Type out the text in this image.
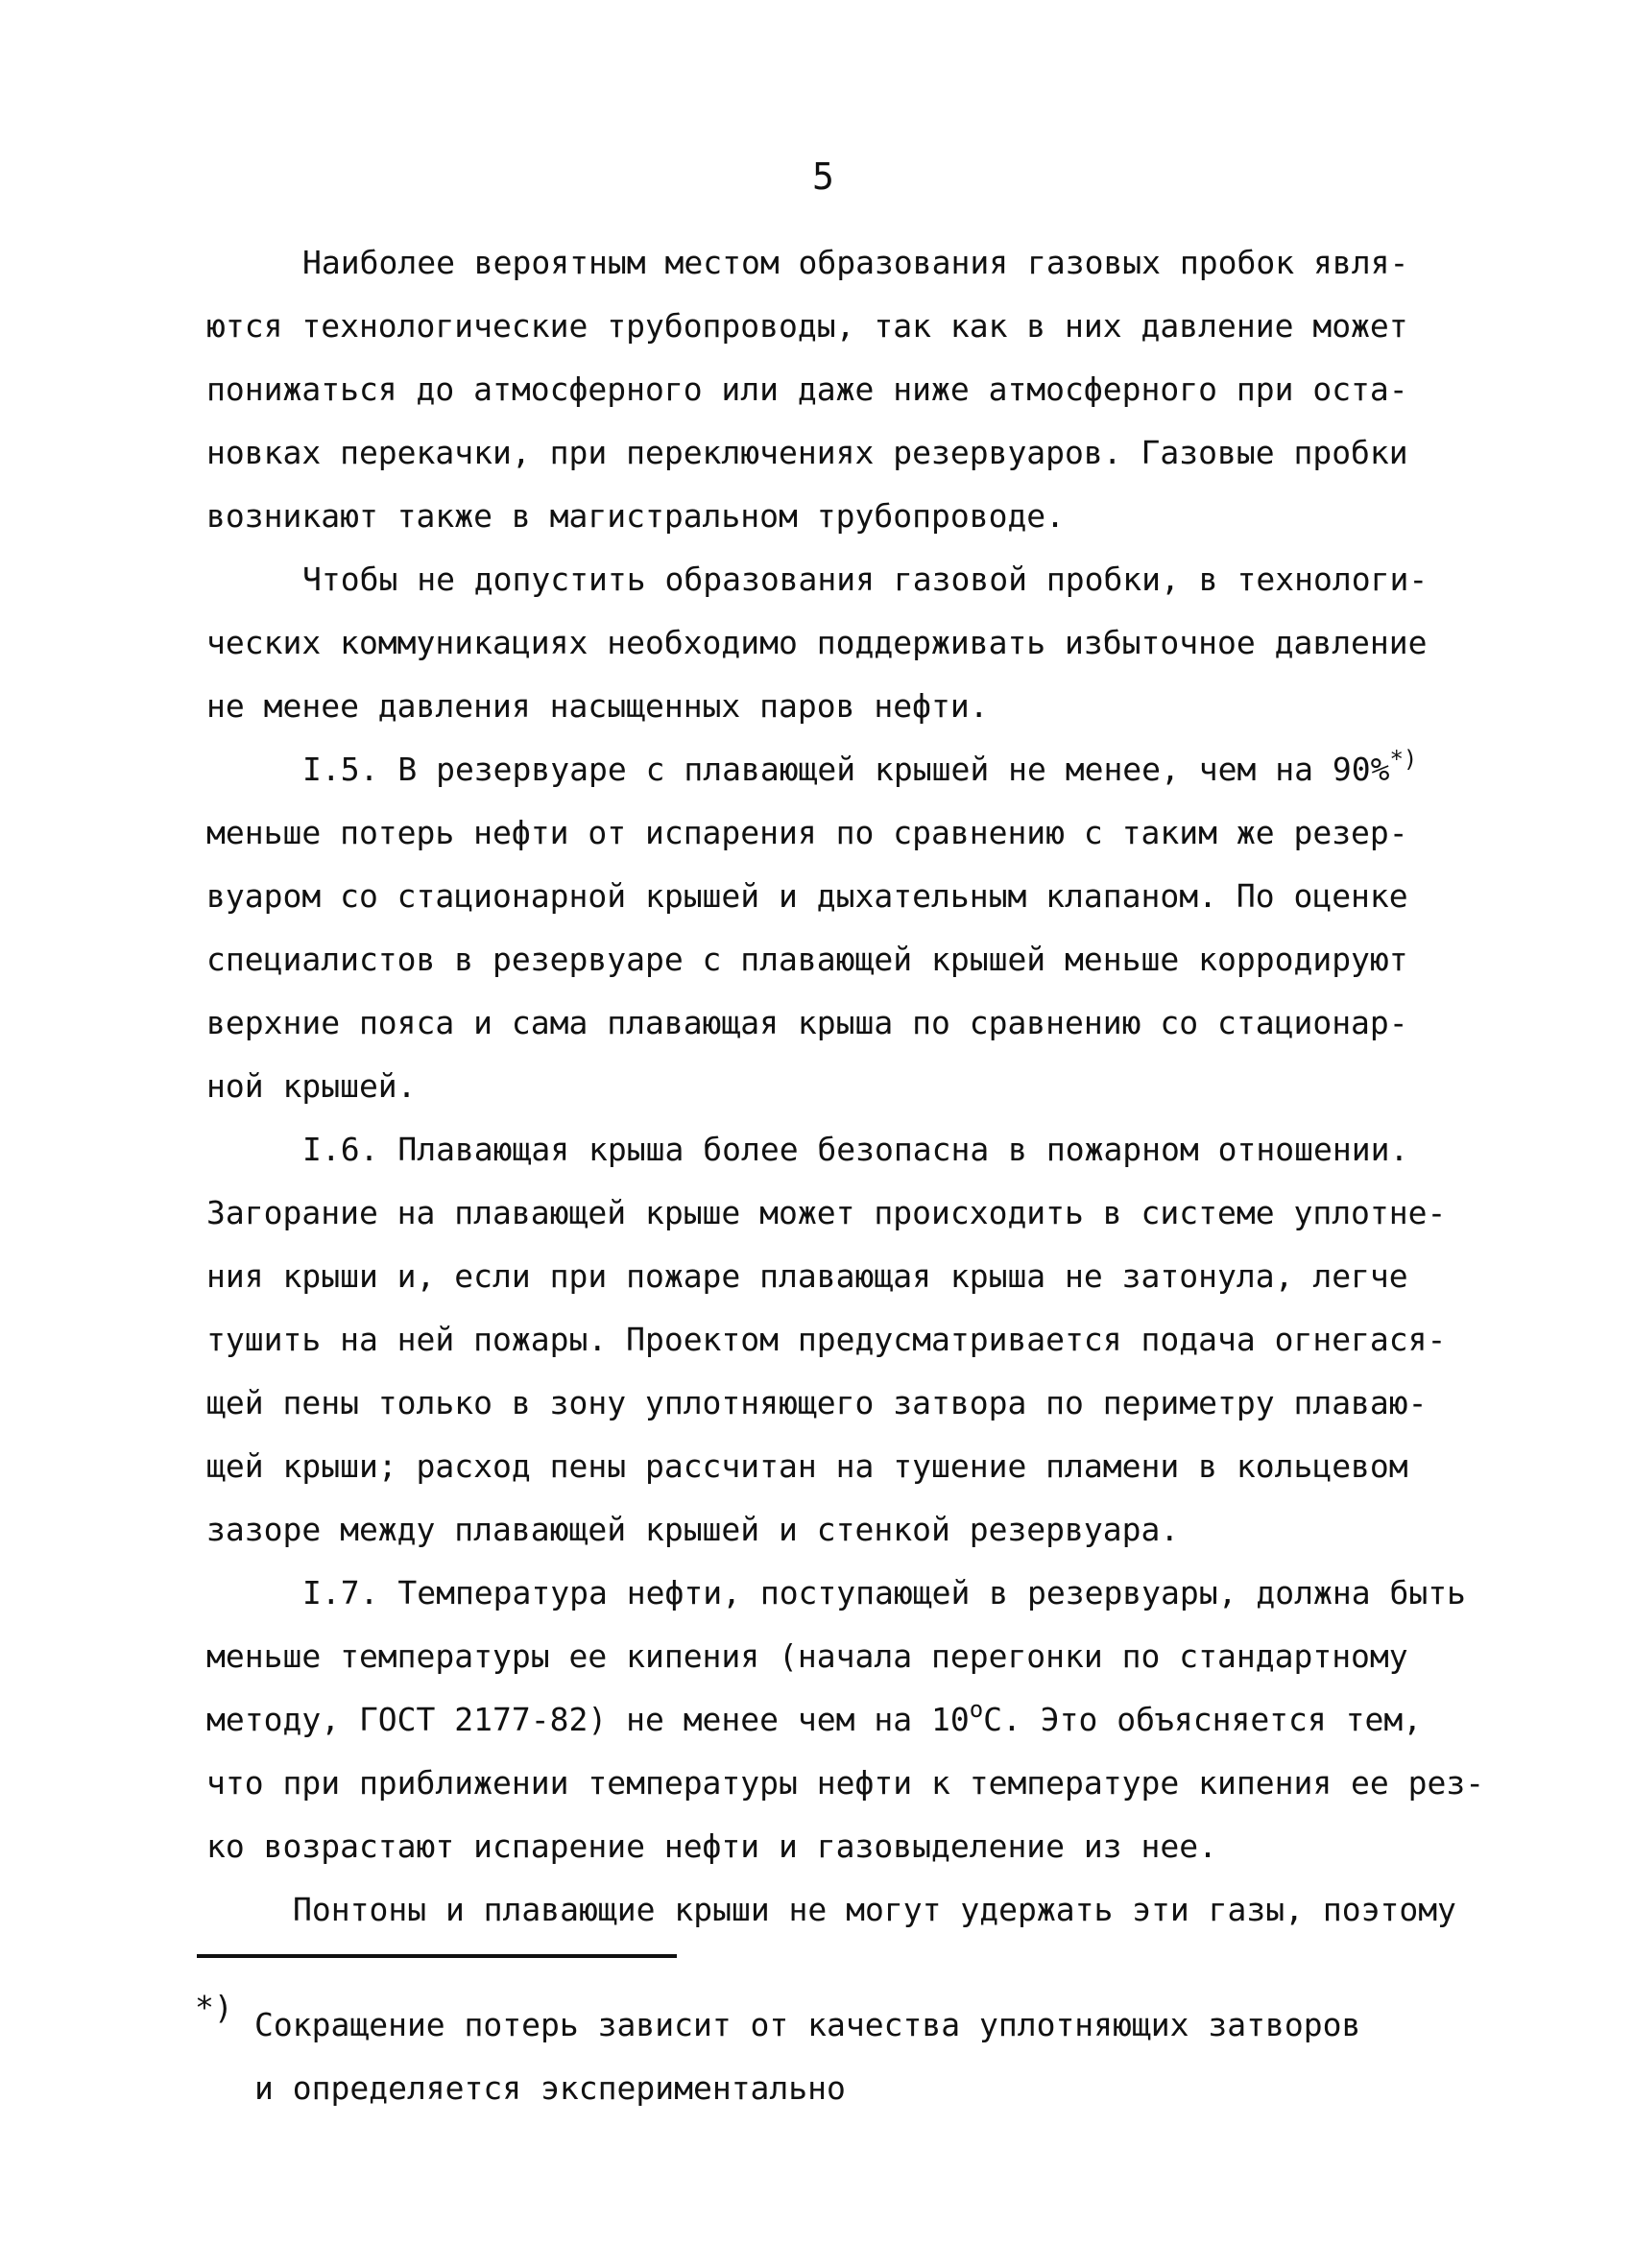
5
Наиболее вероятным местом образования газовых пробок явля-
ются технологические трубопроводы, так как в них давление может
понижаться до атмосферного или даже ниже атмосферного при оста-
новках перекачки, при переключениях резервуаров. Газовые пробки
возникают также в магистральном трубопроводе.
Чтобы не допустить образования газовой пробки, в технологи-
ческих коммуникациях необходимо поддерживать избыточное давление
не менее давления насыщенных паров нефти.
I.5. В резервуаре с плавающей крышей не менее, чем на 90%*)
меньше потерь нефти от испарения по сравнению с таким же резер-
вуаром со стационарной крышей и дыхательным клапаном. По оценке
специалистов в резервуаре с плавающей крышей меньше корродируют
верхние пояса и сама плавающая крыша по сравнению со стационар-
ной крышей.
I.6. Плавающая крыша более безопасна в пожарном отношении.
Загорание на плавающей крыше может происходить в системе уплотне-
ния крыши и, если при пожаре плавающая крыша не затонула, легче
тушить на ней пожары. Проектом предусматривается подача огнегася-
щей пены только в зону уплотняющего затвора по периметру плаваю-
щей крыши; расход пены рассчитан на тушение пламени в кольцевом
зазоре между плавающей крышей и стенкой резервуара.
I.7. Температура нефти, поступающей в резервуары, должна быть
меньше температуры ее кипения (начала перегонки по стандартному
методу, ГОСТ 2177-82) не менее чем на 10$^o$C. Это объясняется тем,
что при приближении температуры нефти к температуре кипения ее рез-
ко возрастают испарение нефти и газовыделение из нее.
Понтоны и плавающие крыши не могут удержать эти газы, поэтому
*) Сокращение потерь зависит от качества уплотняющих затворов
и определяется экспериментально
